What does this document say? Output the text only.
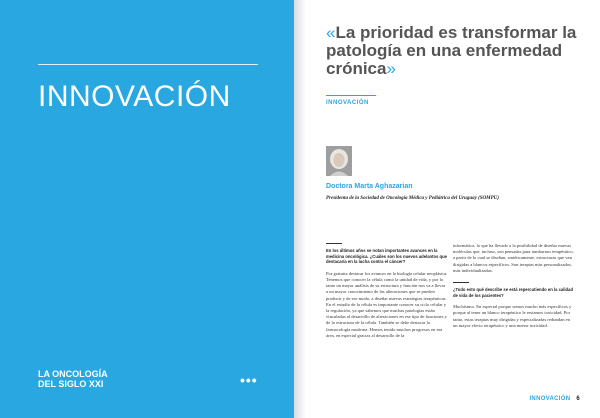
INNOVACIÓN
LA ONCOLOGÍA
DEL SIGLO XXI	•••
«La prioridad es transformar la patología en una enfermedad crónica»
INNOVACIÓN
Doctora Marta Aghazarian
Presidenta de la Sociedad de Oncología Médica y Pediátrica del Uruguay (SOMPU)
En los últimos años se notan importantes avances en la medicina oncológica. ¿Cuáles son los nuevos adelantos que destacaría en la lucha contra el cáncer?
Por gratuita destacar los avances en la biología celular neoplásica. Tenemos que conocer la célula como la unidad de vida, y por lo tanto un mayor análisis de su estructura y función nos va a llevar a un mayor conocimiento de las alteraciones que se pueden producir y de ese modo, a diseñar nuevas estrategias terapéuticas. En el estudio de la célula es importante conocer su ciclo celular y la regulación, ya que sabemos que muchas patologías están vinculadas al desarrollo de alteraciones en ese tipo de funciones y de la estructura de la célula. También se debe destacar la farmacología moderna. Hemos tenido muchos progresos en esa área, en especial gracias al desarrollo de la
informática, lo que ha llevado a la posibilidad de diseñar nuevas moléculas que, incluso, son pensadas para tumbarnos terapéutico, a partir de lo cual se diseñan, sintéticamente, estructuras que van dirigidas a blancos específicos. Son terapias más personalizadas, más individualizadas.
¿Todo esto qué describe se está repercutiendo en la calidad de vida de los pacientes?
Muchísimo. En especial porque somos mucho más específicos y porque al tener un blanco terapéutico le restamos toxicidad. Por tanto, estas terapias muy dirigidas y especializadas redundan en un mayor efecto terapéutico y una menor toxicidad.
INNOVACIÓN 6
